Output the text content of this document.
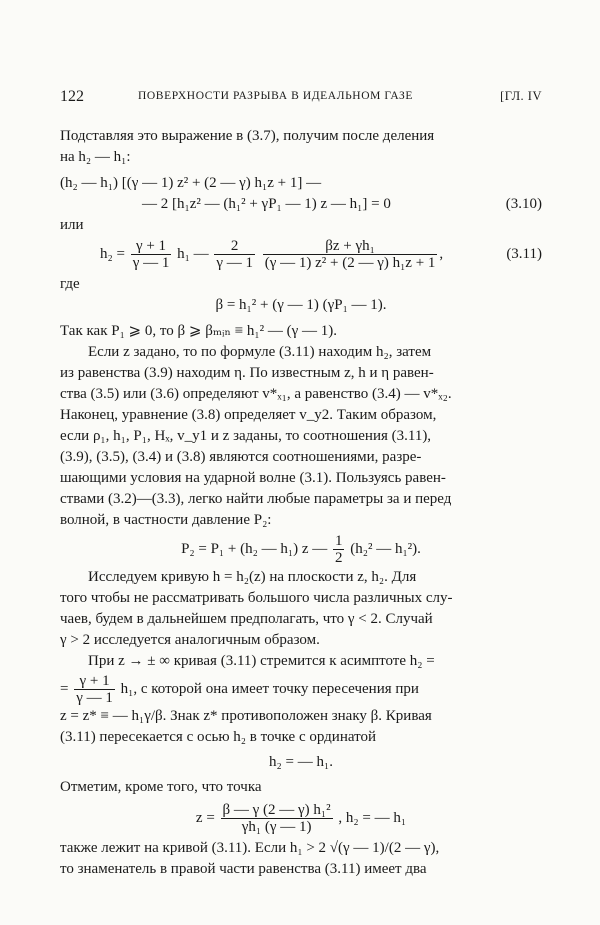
122	ПОВЕРХНОСТИ РАЗРЫВА В ИДЕАЛЬНОМ ГАЗЕ	[ГЛ. IV

Подставляя это выражение в (3.7), получим после деления

на h₂ — h₁:

(h₂ — h₁) [(γ — 1) z² + (2 — γ) h₁z + 1] —
— 2 [h₁z² — (h₁² + γP₁ — 1) z — h₁] = 0	(3.10)

или

$h_2 = \frac{\gamma + 1}{\gamma — 1} h_1$ — $\frac{2}{\gamma — 1}$
$\frac{\text{βz + γh₁}}{\text{(γ — 1) z² + (2 — γ) h₁z + 1}}$ ,	(3.11)

где

β = h₁² + (γ — 1) (γP₁ — 1).

Так как P₁ ⩾ 0, то β ⩾ βₘᵢₙ ≡ h₁² — (γ — 1).

Если z задано, то по формуле (3.11) находим h₂, затем

из равенства (3.9) находим η. По известным z, h и η равен-

ства (3.5) или (3.6) определяют v*ₓ₁, а равенство (3.4) — v*ₓ₂.

Наконец, уравнение (3.8) определяет v_y2. Таким образом,

если ρ₁, h₁, P₁, Hₓ, v_y1 и z заданы, то соотношения (3.11),

(3.9), (3.5), (3.4) и (3.8) являются соотношениями, разре-

шающими условия на ударной волне (3.1). Пользуясь равен-

ствами (3.2)—(3.3), легко найти любые параметры за и перед

волной, в частности давление P₂:

P₂ = P₁ + (h₂ — h₁) z — $\frac{1}{2} (h_2^2$ — h₁²).

Исследуем кривую h = h₂(z) на плоскости z, h₂. Для

того чтобы не рассматривать большого числа различных слу-

чаев, будем в дальнейшем предполагать, что γ < 2. Случай

γ > 2 исследуется аналогичным образом.

При z → ± ∞ кривая (3.11) стремится к асимптоте h₂ =

= $\frac{\gamma + 1}{\gamma — 1} h_1$, с которой она имеет точку пересечения при

z = z* ≡ — h₁γ/β. Знак z* противоположен знаку β. Кривая

(3.11) пересекается с осью h₂ в точке с ординатой

h₂ = — h₁.

Отметим, кроме того, что точка

$z = \frac{\text{β — γ (2 — γ) h₁²}}{\text{γh₁ (γ — 1)}}$ , h₂ = — h₁

также лежит на кривой (3.11). Если h₁ > 2 √(γ — 1)/(2 — γ),

то знаменатель в правой части равенства (3.11) имеет два
